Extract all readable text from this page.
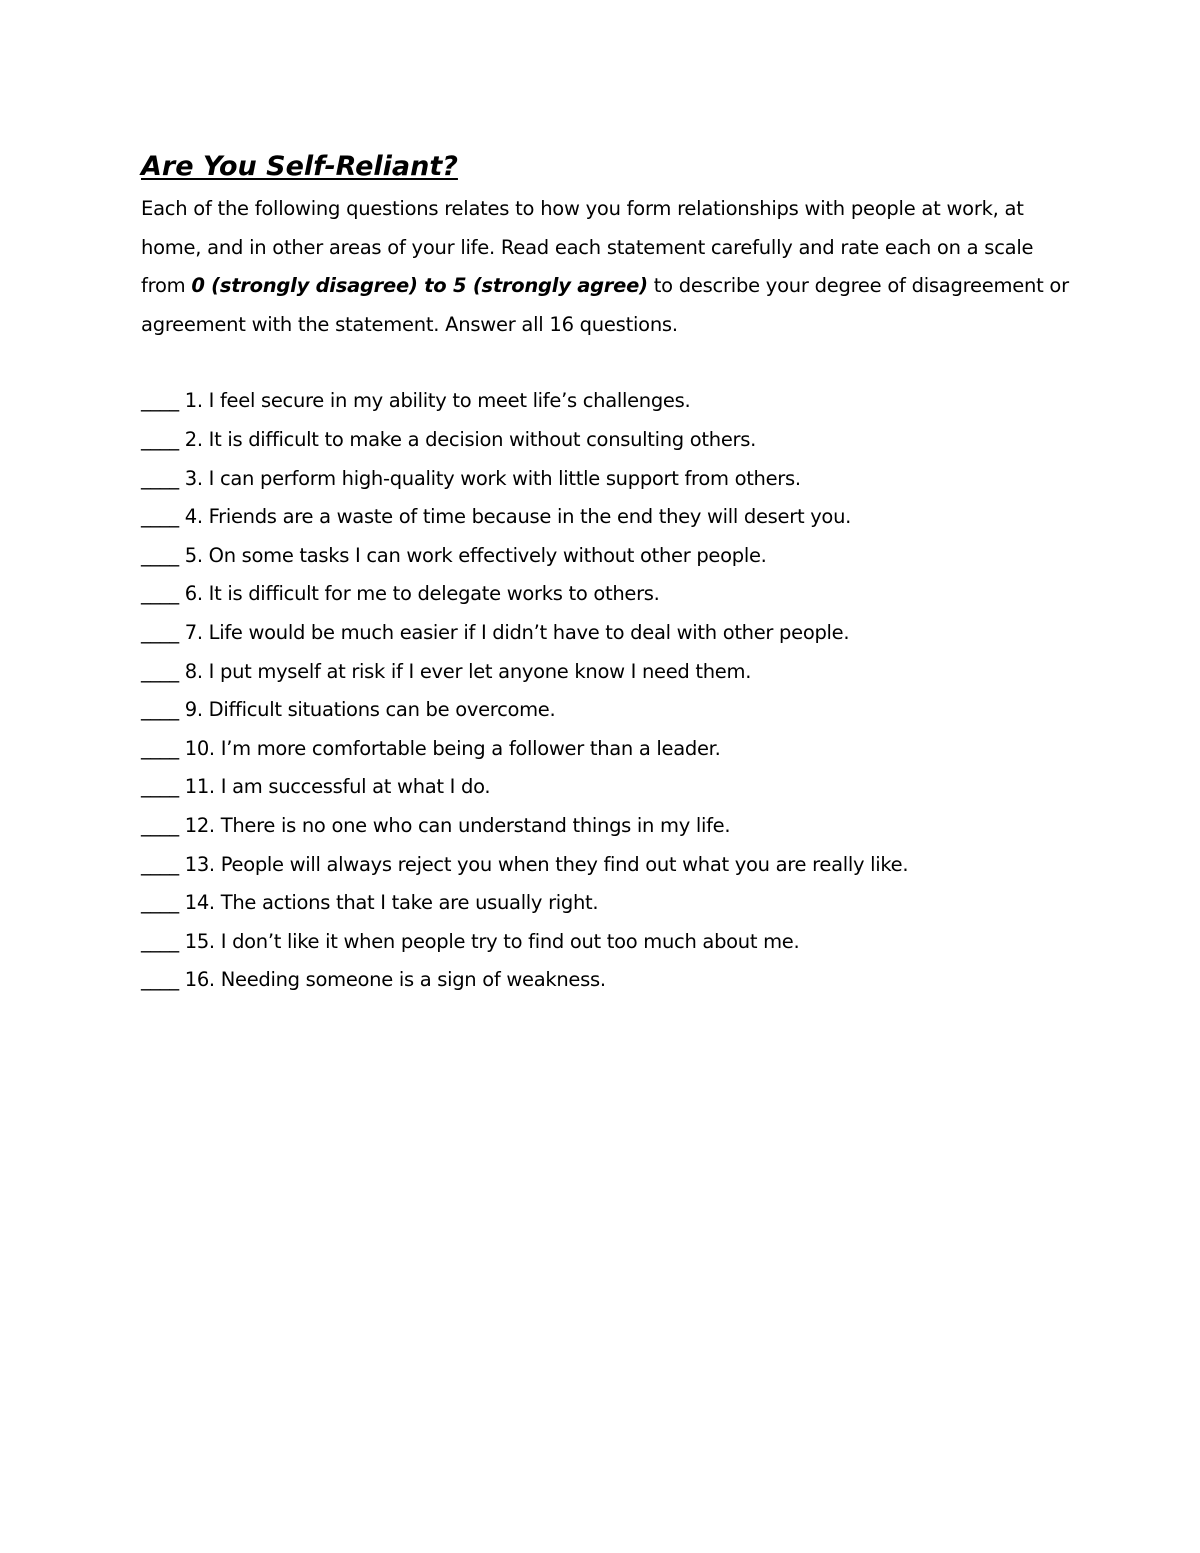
Are You Self-Reliant?

Each of the following questions relates to how you form relationships with people at work, at home, and in other areas of your life. Read each statement carefully and rate each on a scale from 0 (strongly disagree) to 5 (strongly agree) to describe your degree of disagreement or agreement with the statement. Answer all 16 questions.

____ 1. I feel secure in my ability to meet life’s challenges.
____ 2. It is difficult to make a decision without consulting others.
____ 3. I can perform high-quality work with little support from others.
____ 4. Friends are a waste of time because in the end they will desert you.
____ 5. On some tasks I can work effectively without other people.
____ 6. It is difficult for me to delegate works to others.
____ 7. Life would be much easier if I didn’t have to deal with other people.
____ 8. I put myself at risk if I ever let anyone know I need them.
____ 9. Difficult situations can be overcome.
____ 10. I’m more comfortable being a follower than a leader.
____ 11. I am successful at what I do.
____ 12. There is no one who can understand things in my life.
____ 13. People will always reject you when they find out what you are really like.
____ 14. The actions that I take are usually right.
____ 15. I don’t like it when people try to find out too much about me.
____ 16. Needing someone is a sign of weakness.
